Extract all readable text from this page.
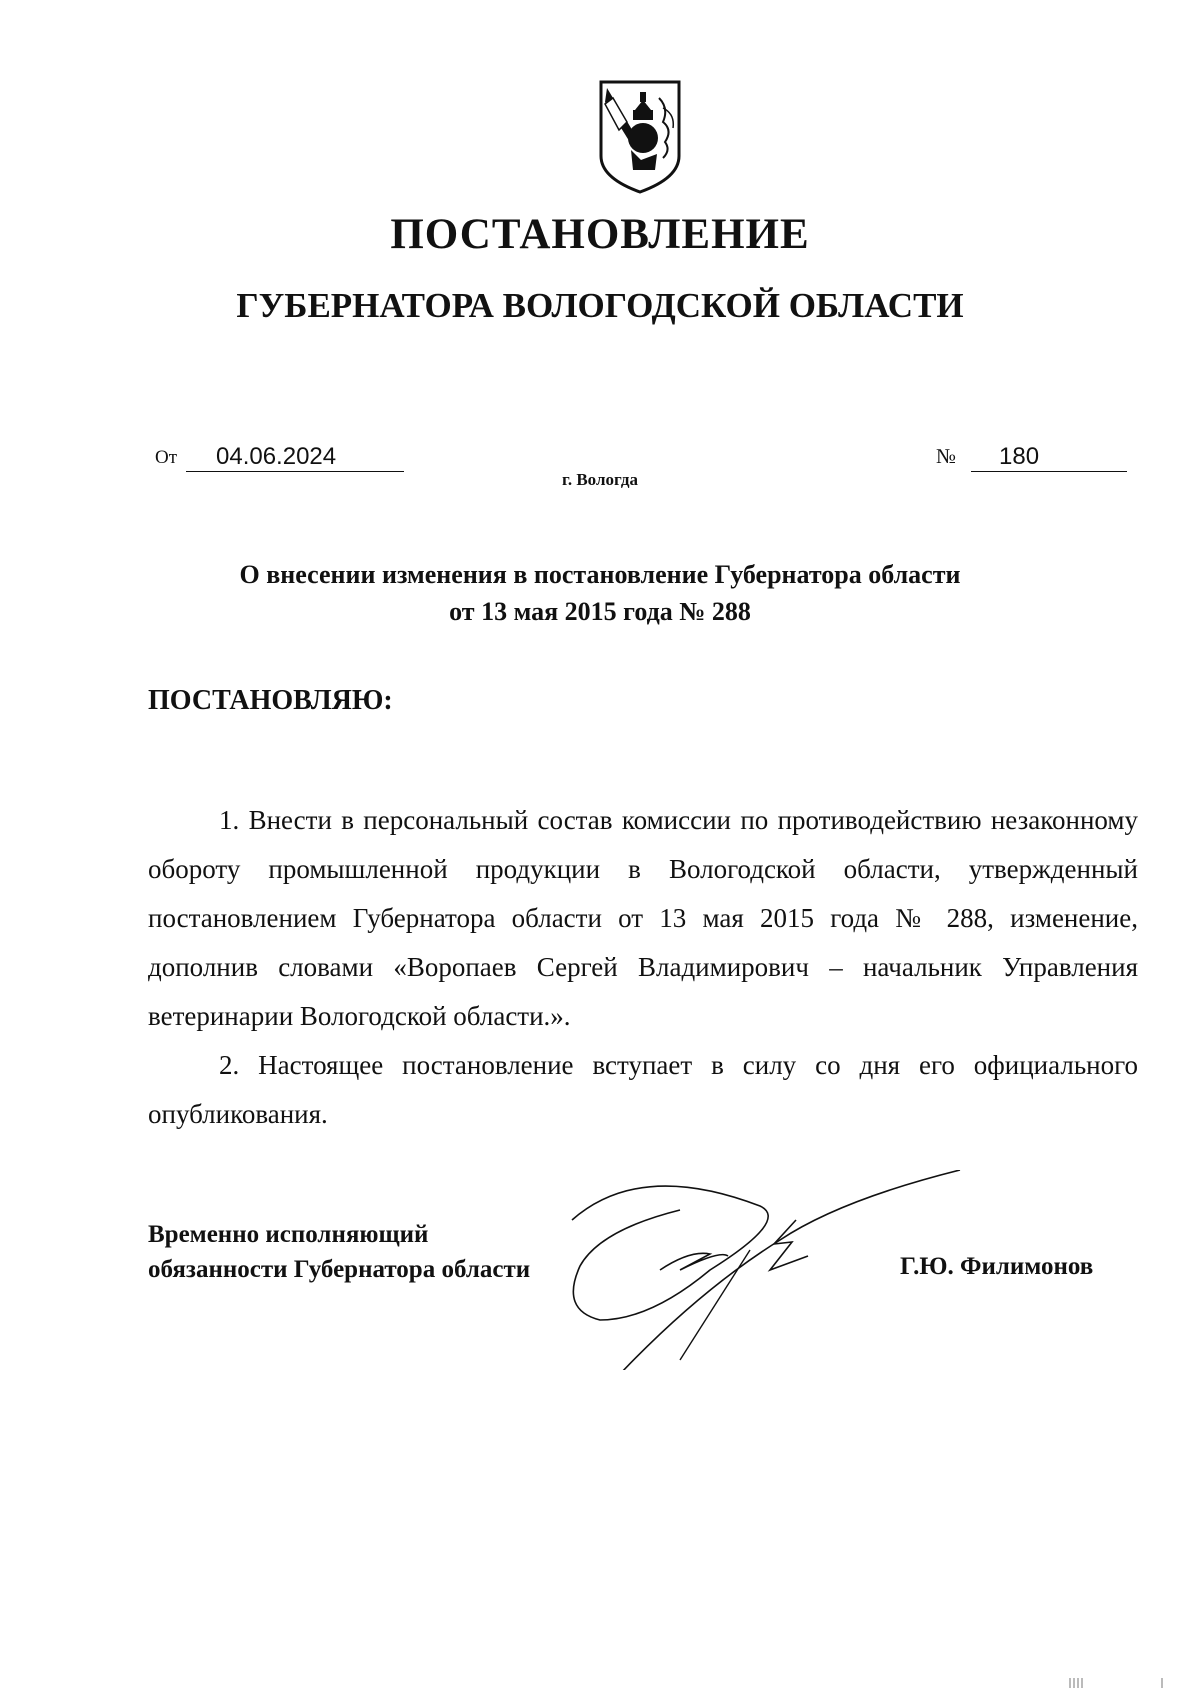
ПОСТАНОВЛЕНИЕ
ГУБЕРНАТОРА ВОЛОГОДСКОЙ ОБЛАСТИ
От	04.06.2024	№	180
г. Вологда
О внесении изменения в постановление Губернатора области
от 13 мая 2015 года № 288
ПОСТАНОВЛЯЮ:

1. Внести в персональный состав комиссии по противодействию незаконному обороту промышленной продукции в Вологодской области, утвержденный постановлением Губернатора области от 13 мая 2015 года № 288, изменение, дополнив словами «Воропаев Сергей Владимирович – начальник Управления ветеринарии Вологодской области.».

2. Настоящее постановление вступает в силу со дня его официального опубликования.

Временно исполняющий
обязанности Губернатора области	Г.Ю. Филимонов
